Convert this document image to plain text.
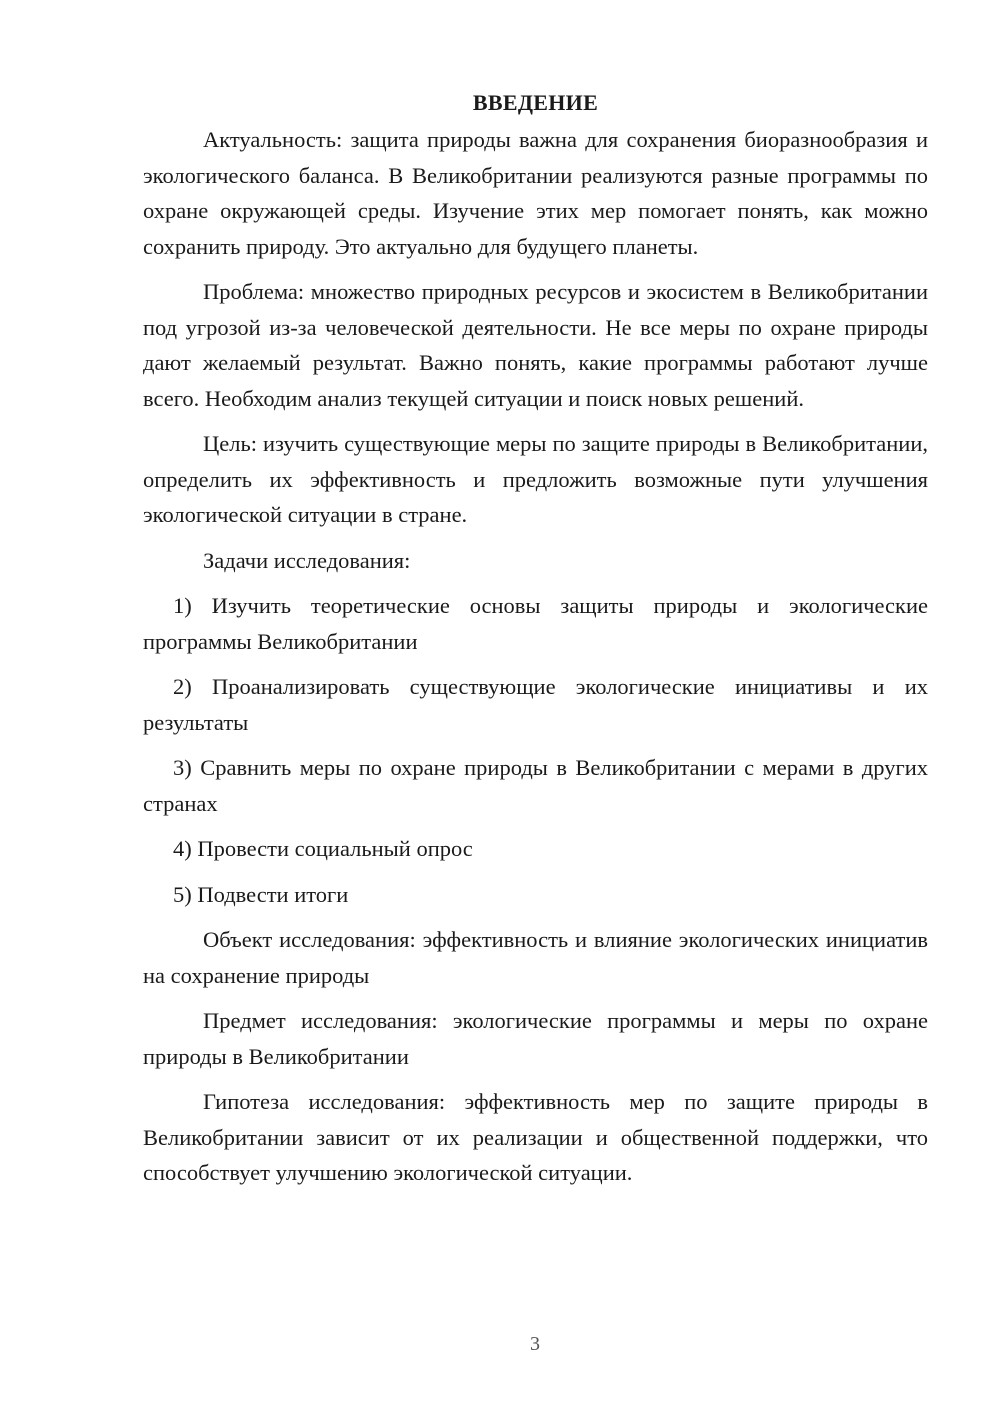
ВВЕДЕНИЕ

Актуальность: защита природы важна для сохранения биоразнообразия и экологического баланса. В Великобритании реализуются разные программы по охране окружающей среды. Изучение этих мер помогает понять, как можно сохранить природу. Это актуально для будущего планеты.

Проблема: множество природных ресурсов и экосистем в Великобритании под угрозой из-за человеческой деятельности. Не все меры по охране природы дают желаемый результат. Важно понять, какие программы работают лучше всего. Необходим анализ текущей ситуации и поиск новых решений.

Цель: изучить существующие меры по защите природы в Великобритании, определить их эффективность и предложить возможные пути улучшения экологической ситуации в стране.

Задачи исследования:

1) Изучить теоретические основы защиты природы и экологические программы Великобритании

2) Проанализировать существующие экологические инициативы и их результаты

3) Сравнить меры по охране природы в Великобритании с мерами в других странах

4) Провести социальный опрос

5) Подвести итоги

Объект исследования: эффективность и влияние экологических инициатив на сохранение природы

Предмет исследования: экологические программы и меры по охране природы в Великобритании

Гипотеза исследования: эффективность мер по защите природы в Великобритании зависит от их реализации и общественной поддержки, что способствует улучшению экологической ситуации.

3
